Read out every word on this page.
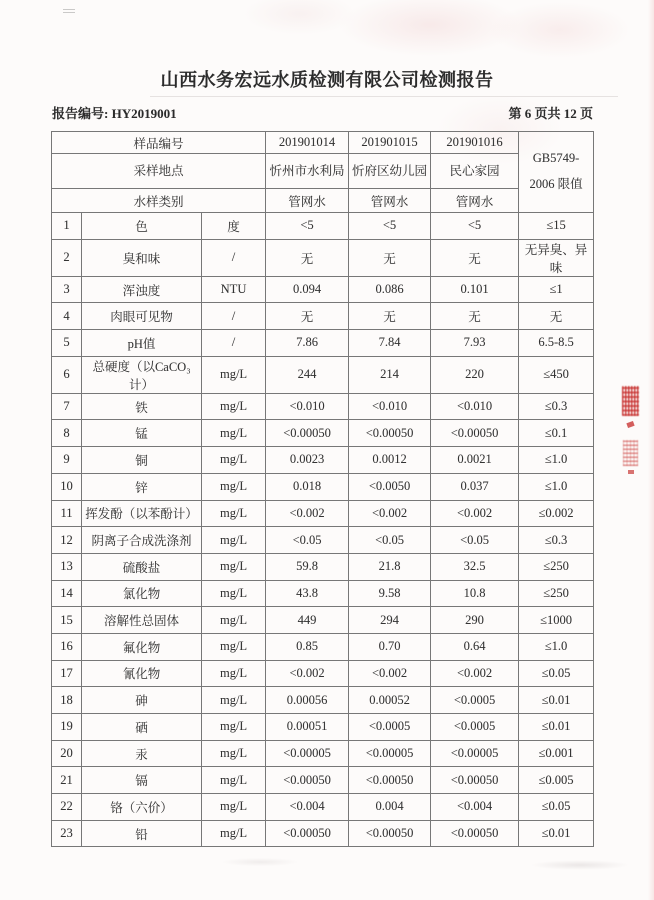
山西水务宏远水质检测有限公司检测报告
报告编号: HY2019001	第 6 页共 12 页
样品编号			201901014	201901015	201901016	GB5749-
2006 限值

采样地点			忻州市水利局	忻府区幼儿园	民心家园	
水样类别			管网水	管网水	管网水	
1	色	度	<5	<5	<5	≤15
2	臭和味	/	无	无	无	无异臭、异味
3	浑浊度	NTU	0.094	0.086	0.101	≤1
4	肉眼可见物	/	无	无	无	无
5	pH值	/	7.86	7.84	7.93	6.5-8.5
6	总硬度（以CaCO₃计）	mg/L	244	214	220	≤450
7	铁	mg/L	<0.010	<0.010	<0.010	≤0.3
8	锰	mg/L	<0.00050	<0.00050	<0.00050	≤0.1
9	铜	mg/L	0.0023	0.0012	0.0021	≤1.0
10	锌	mg/L	0.018	<0.0050	0.037	≤1.0
11	挥发酚（以苯酚计）	mg/L	<0.002	<0.002	<0.002	≤0.002
12	阴离子合成洗涤剂	mg/L	<0.05	<0.05	<0.05	≤0.3
13	硫酸盐	mg/L	59.8	21.8	32.5	≤250
14	氯化物	mg/L	43.8	9.58	10.8	≤250
15	溶解性总固体	mg/L	449	294	290	≤1000
16	氟化物	mg/L	0.85	0.70	0.64	≤1.0
17	氰化物	mg/L	<0.002	<0.002	<0.002	≤0.05
18	砷	mg/L	0.00056	0.00052	<0.0005	≤0.01
19	硒	mg/L	0.00051	<0.0005	<0.0005	≤0.01
20	汞	mg/L	<0.00005	<0.00005	<0.00005	≤0.001
21	镉	mg/L	<0.00050	<0.00050	<0.00050	≤0.005
22	铬（六价）	mg/L	<0.004	0.004	<0.004	≤0.05
23	铅	mg/L	<0.00050	<0.00050	<0.00050	≤0.01
